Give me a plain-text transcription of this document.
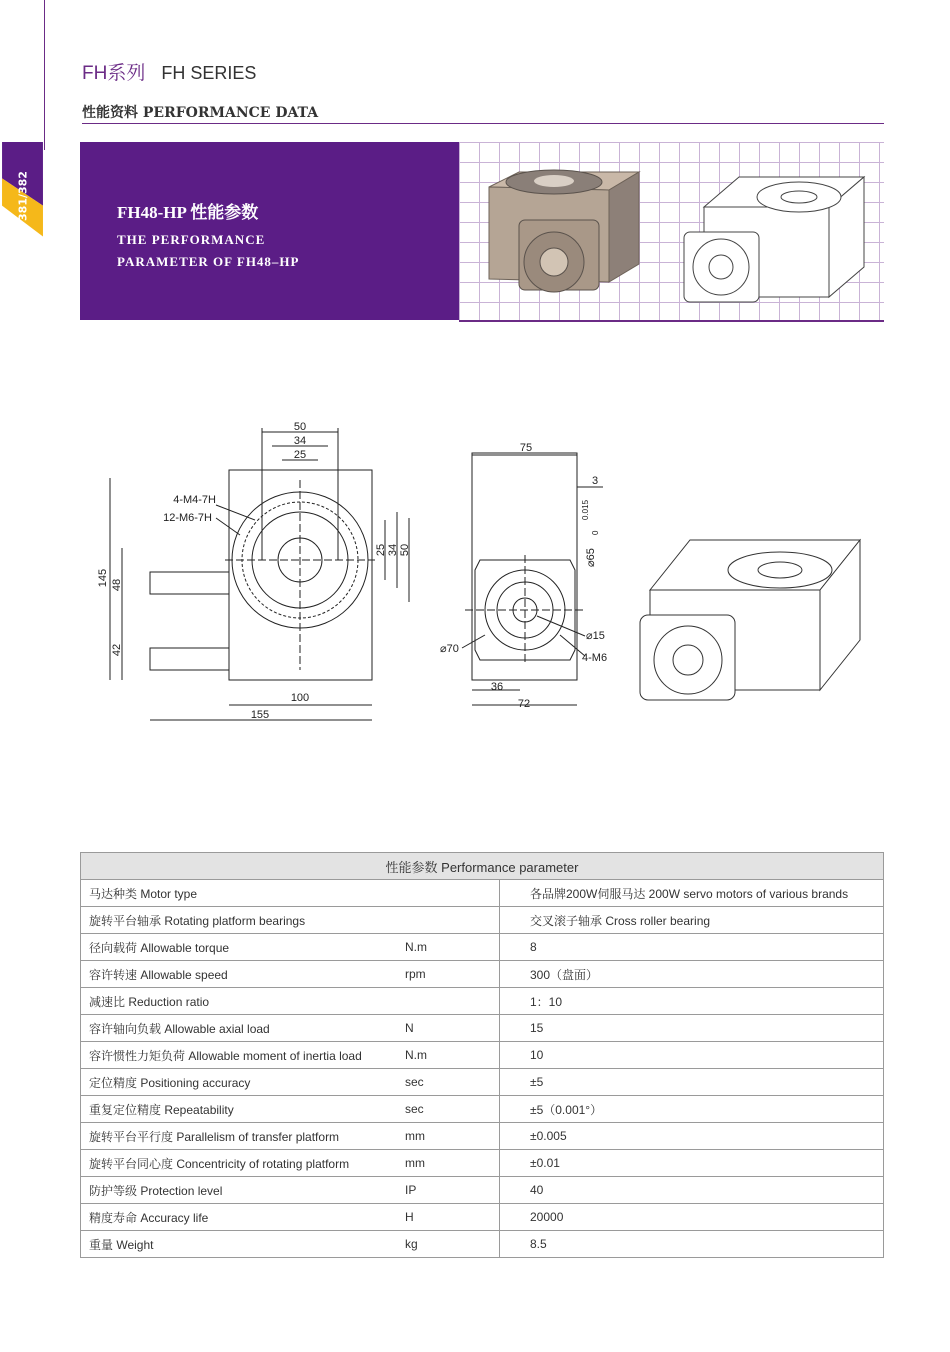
381/382
FH系列 FH SERIES
性能资料 PERFORMANCE DATA
FH48-HP 性能参数
THE PERFORMANCE
PARAMETER OF FH48–HP
50
34
25
4-M4-7H
12-M6-7H
145 48
42
100
155
25 34 50
75
3
⌀65
0.015
0
⌀70
⌀15
4-M6
36
72
性能参数 Performance parameter		
马达种类 Motor type		各品牌200W伺服马达 200W servo motors of various brands
旋转平台轴承 Rotating platform bearings		交叉滚子轴承 Cross roller bearing
径向载荷 Allowable torque	N.m	8
容许转速 Allowable speed	rpm	300（盘面）
减速比 Reduction ratio		1：10
容许轴向负载 Allowable axial load	N	15
容许惯性力矩负荷 Allowable moment of inertia load	N.m	10
定位精度 Positioning accuracy	sec	±5
重复定位精度 Repeatability	sec	±5（0.001°）
旋转平台平行度 Parallelism of transfer platform	mm	±0.005
旋转平台同心度 Concentricity of rotating platform	mm	±0.01
防护等级 Protection level	IP	40
精度寿命 Accuracy life	H	20000
重量 Weight	kg	8.5
